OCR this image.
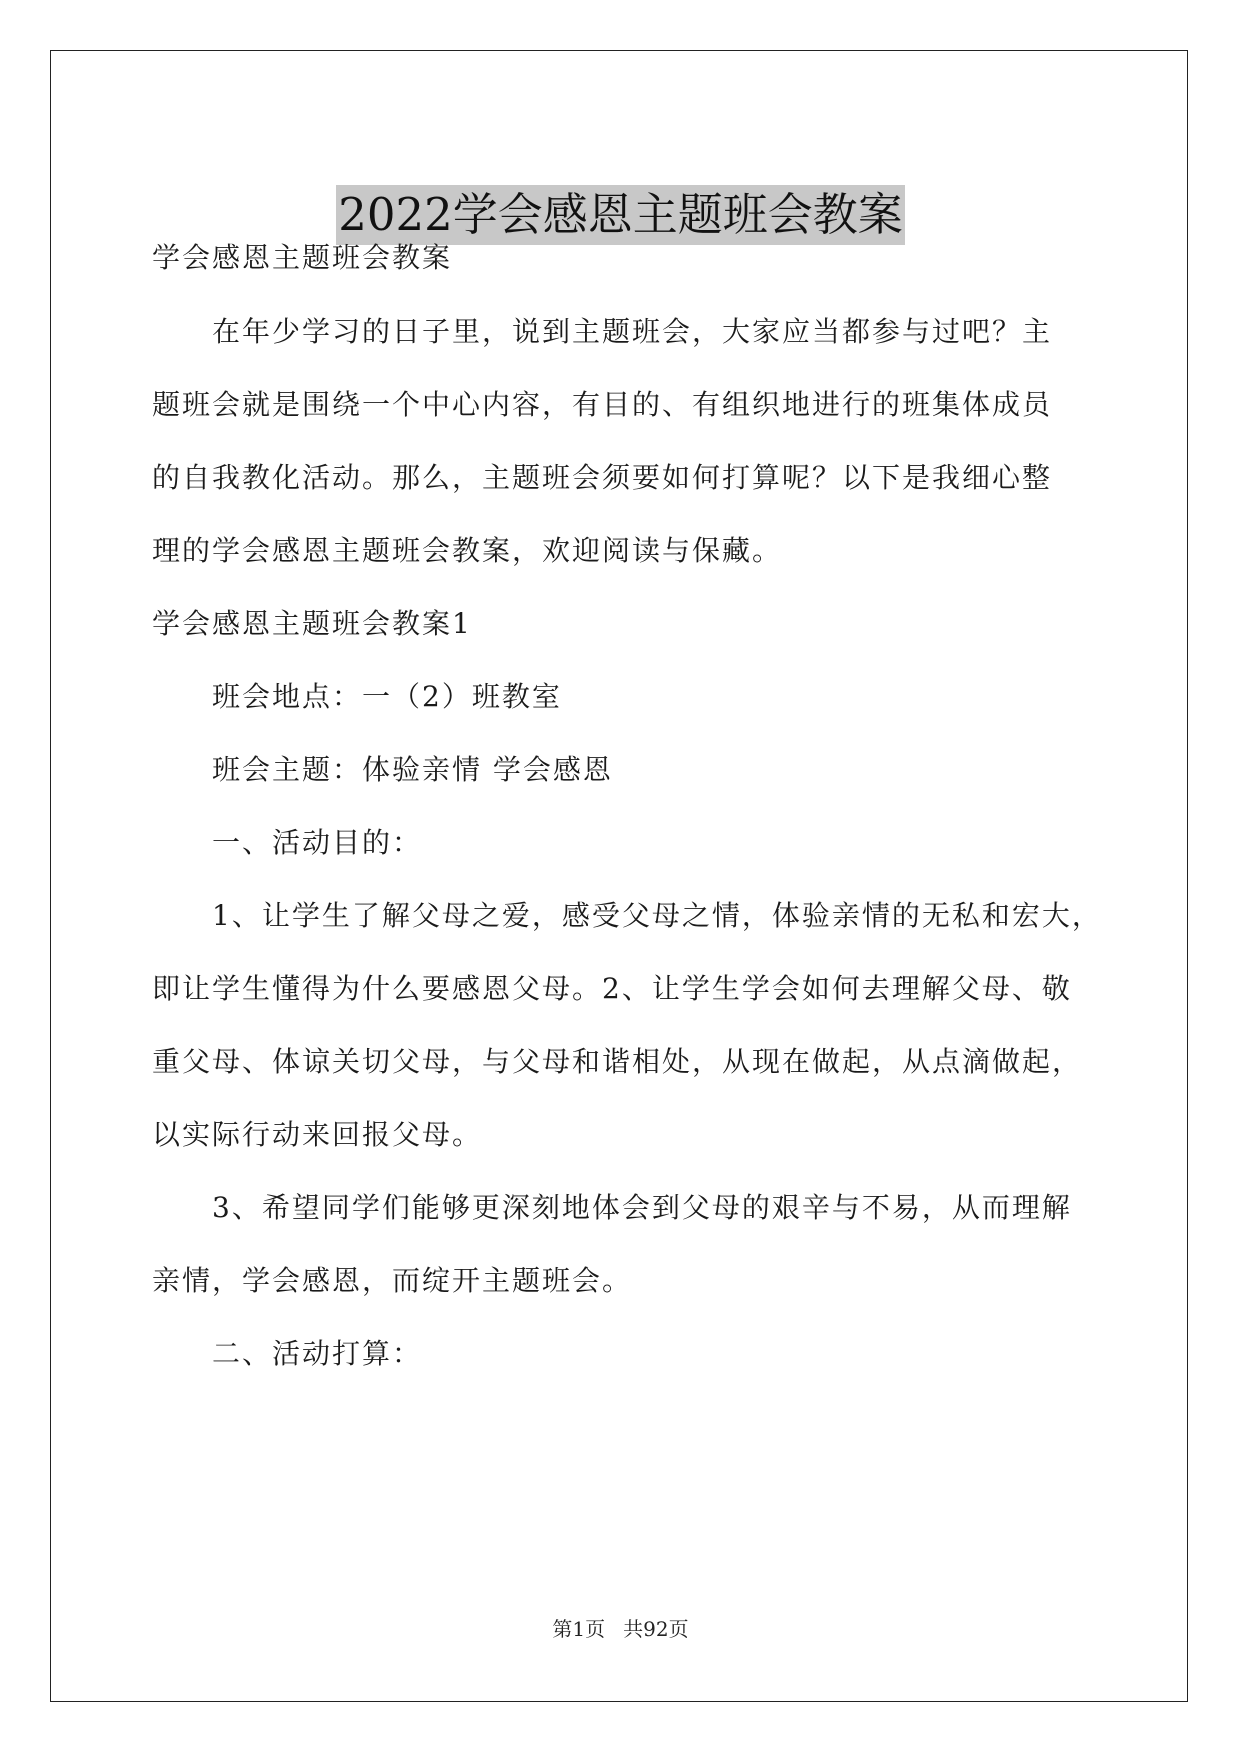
2022学会感恩主题班会教案
学会感恩主题班会教案
在年少学习的日子里，说到主题班会，大家应当都参与过吧？主
题班会就是围绕一个中心内容，有目的、有组织地进行的班集体成员
的自我教化活动。那么，主题班会须要如何打算呢？以下是我细心整
理的学会感恩主题班会教案，欢迎阅读与保藏。
学会感恩主题班会教案1
班会地点：一（2）班教室
班会主题：体验亲情 学会感恩
一、活动目的：
1、让学生了解父母之爱，感受父母之情，体验亲情的无私和宏大，
即让学生懂得为什么要感恩父母。2、让学生学会如何去理解父母、敬
重父母、体谅关切父母，与父母和谐相处，从现在做起，从点滴做起，
以实际行动来回报父母。
3、希望同学们能够更深刻地体会到父母的艰辛与不易，从而理解
亲情，学会感恩，而绽开主题班会。
二、活动打算：
第1页 共92页
